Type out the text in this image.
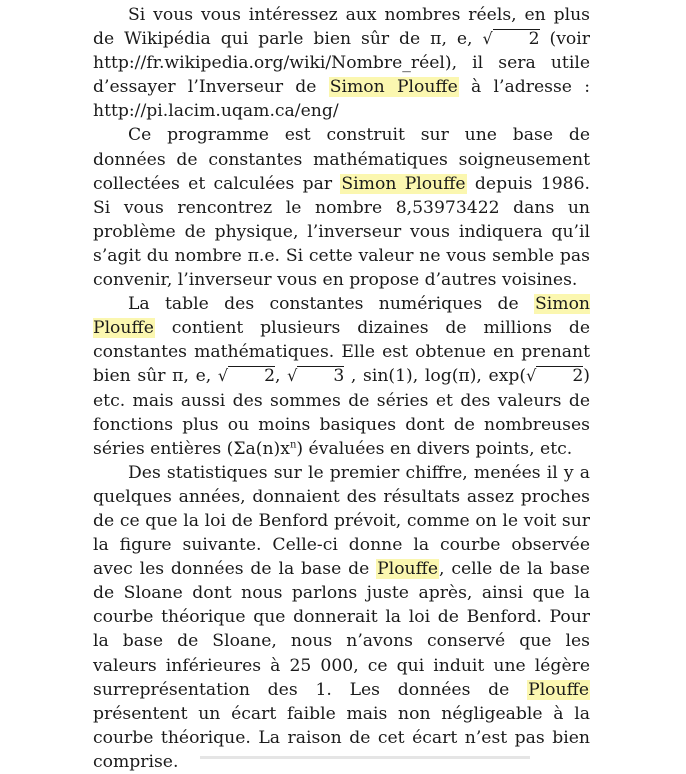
Si vous vous intéressez aux nombres réels, en plus de Wikipédia qui parle bien sûr de π, e, √ 2 (voir http://fr.wikipedia.org/wiki/Nombre_réel), il sera utile d’essayer l’Inverseur de Simon Plouffe à l’adresse : http://pi.lacim.uqam.​ca/eng/

Ce programme est construit sur une base de données de constantes mathématiques soigneusement collectées et calculées par Simon Plouffe depuis 1986. Si vous rencontrez le nombre 8,53973422 dans un problème de physique, l’inverseur vous indiquera qu’il s’agit du nombre π.e. Si cette valeur ne vous semble pas convenir, l’inverseur vous en propose d’autres voisines.

La table des constantes numériques de Simon Plouffe contient plusieurs dizaines de millions de constantes mathématiques. Elle est obtenue en prenant bien sûr π, e, √ 2, √ 3 , sin(1), log(π), exp(√ 2) etc. mais aussi des sommes de séries et des valeurs de fonctions plus ou moins basiques dont de nombreuses séries entières $(\Sigma a(n)x^n)$ évaluées en divers points, etc.

Des statistiques sur le premier chiffre, menées il y a quelques années, donnaient des résultats assez proches de ce que la loi de Benford prévoit, comme on le voit sur la figure suivante. Celle-ci donne la courbe observée avec les données de la base de Plouffe, celle de la base de Sloane dont nous parlons juste après, ainsi que la courbe théorique que donnerait la loi de Benford. Pour la base de Sloane, nous n’avons conservé que les valeurs inférieures à 25 000, ce qui induit une légère surreprésentation des 1. Les données de Plouffe présentent un écart faible mais non négligeable à la courbe théorique. La raison de cet écart n’est pas bien comprise.
